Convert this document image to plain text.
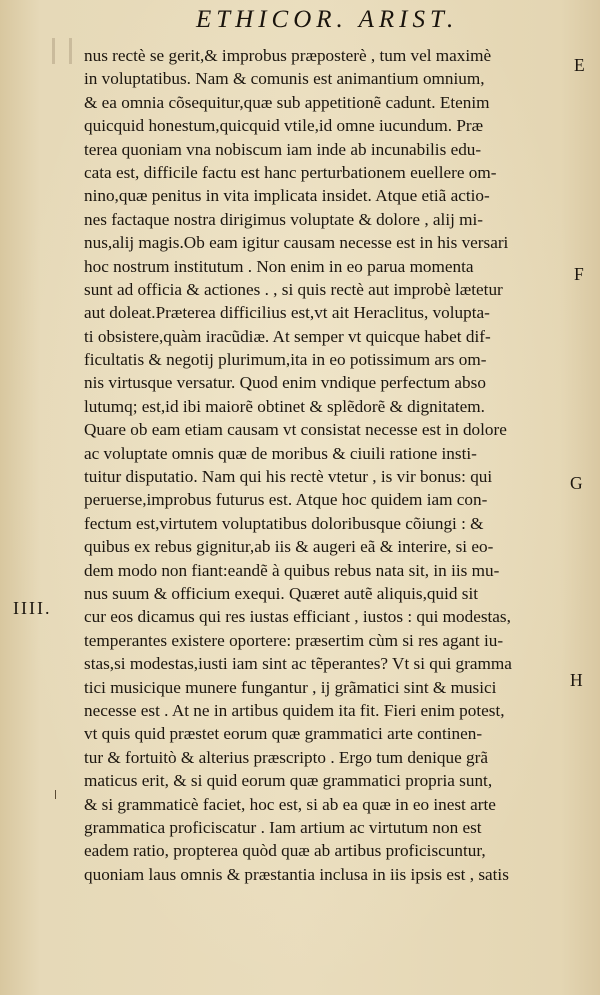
ETHICOR. ARIST.
nus rectè se gerit,& improbus præposterè , tum vel maximè
in voluptatibus. Nam & comunis est animantium omnium,
& ea omnia cõsequitur,quæ sub appetitionẽ cadunt. Etenim
quicquid honestum,quicquid vtile,id omne iucundum. Præ
terea quoniam vna nobiscum iam inde ab incunabilis edu-
cata est, difficile factu est hanc perturbationem euellere om-
nino,quæ penitus in vita implicata insidet. Atque etiã actio-
nes factaque nostra dirigimus voluptate & dolore , alij mi-
nus,alij magis.Ob eam igitur causam necesse est in his versari
hoc nostrum institutum . Non enim in eo parua momenta
sunt ad officia & actiones . , si quis rectè aut improbè lætetur
aut doleat.Præterea difficilius est,vt ait Heraclitus, volupta-
ti obsistere,quàm iracũdiæ. At semper vt quicque habet dif-
ficultatis & negotij plurimum,ita in eo potissimum ars om-
nis virtusque versatur. Quod enim vndique perfectum abso
lutumq; est,id ibi maiorẽ obtinet & splẽdorẽ & dignitatem.
Quare ob eam etiam causam vt consistat necesse est in dolore
ac voluptate omnis quæ de moribus & ciuili ratione insti-
tuitur disputatio. Nam qui his rectè vtetur , is vir bonus: qui
peruerse,improbus futurus est. Atque hoc quidem iam con-
fectum est,virtutem voluptatibus doloribusque cõiungi : &
quibus ex rebus gignitur,ab iis & augeri eã & interire, si eo-
dem modo non fiant:eandẽ à quibus rebus nata sit, in iis mu-
nus suum & officium exequi. Quæret autẽ aliquis,quid sit
cur eos dicamus qui res iustas efficiant , iustos : qui modestas,
temperantes existere oportere: præsertim cùm si res agant iu-
stas,si modestas,iusti iam sint ac tẽperantes? Vt si qui gramma
tici musicique munere fungantur , ij grãmatici sint & musici
necesse est . At ne in artibus quidem ita fit. Fieri enim potest,
vt quis quid præstet eorum quæ grammatici arte continen-
tur & fortuitò & alterius præscripto . Ergo tum denique grã
maticus erit, & si quid eorum quæ grammatici propria sunt,
& si grammaticè faciet, hoc est, si ab ea quæ in eo inest arte
grammatica proficiscatur . Iam artium ac virtutum non est
eadem ratio, propterea quòd quæ ab artibus proficiscuntur,
quoniam laus omnis & præstantia inclusa in iis ipsis est , satis
IIII.
E
F
G
H
